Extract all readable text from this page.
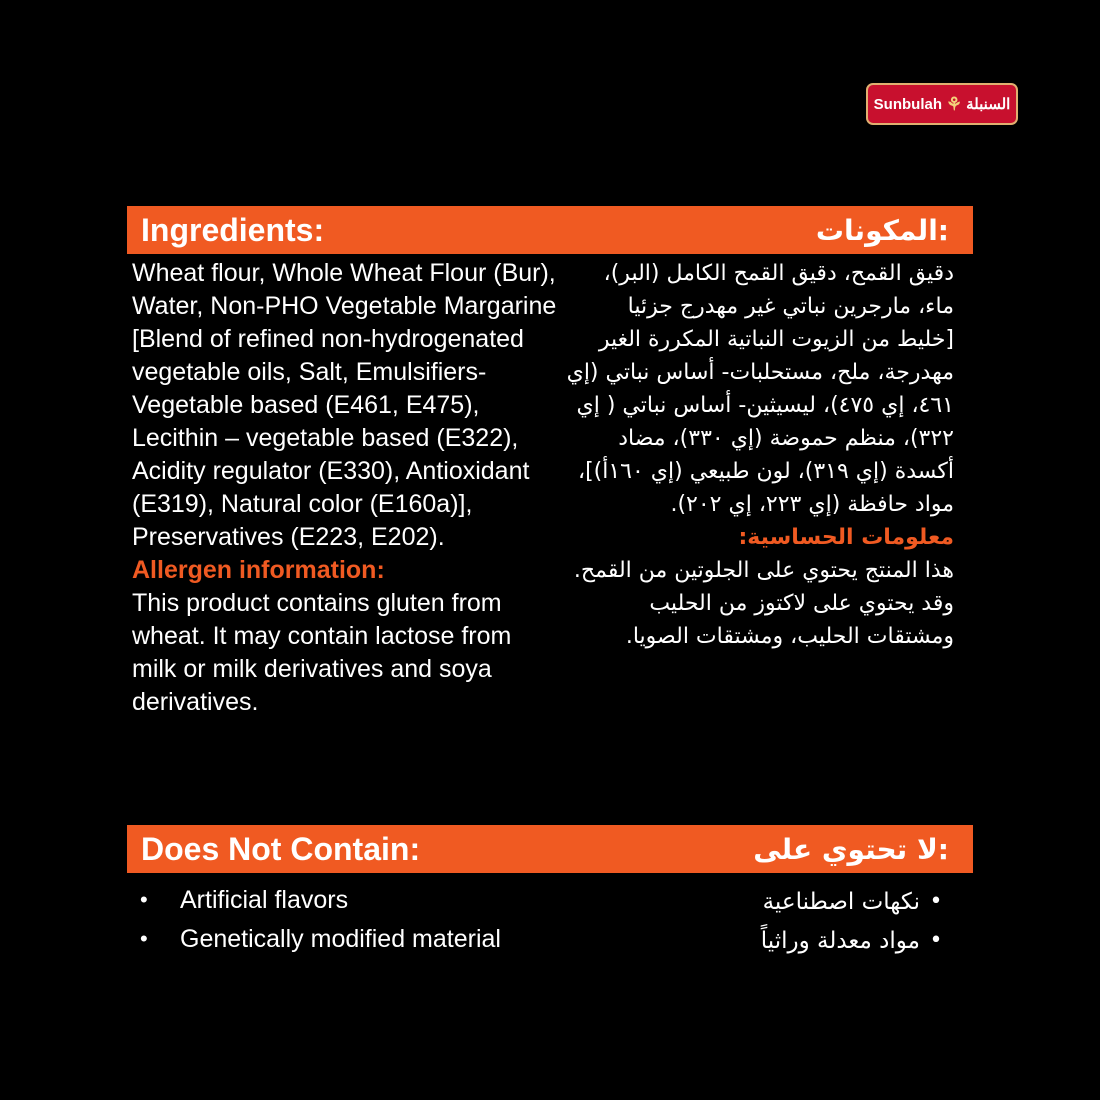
Sunbulah ⚘ السنبلة
Ingredients:	المكونات:

Wheat flour, Whole Wheat Flour (Bur), Water, Non-PHO Vegetable Margarine [Blend of refined non-hydrogenated vegetable oils, Salt, Emulsifiers- Vegetable based (E461, E475), Lecithin – vegetable based (E322), Acidity regulator (E330), Antioxidant (E319), Natural color (E160a)], Preservatives (E223, E202).

Allergen information:

This product contains gluten from wheat. It may contain lactose from milk or milk derivatives and soya derivatives.

دقيق القمح، دقيق القمح الكامل (البر)، ماء، مارجرين نباتي غير مهدرج جزئيا [خليط من الزيوت النباتية المكررة الغير مهدرجة، ملح، مستحلبات- أساس نباتي (إي ٤٦١، إي ٤٧٥)، ليسيثين- أساس نباتي ( إي ٣٢٢)، منظم حموضة (إي ٣٣٠)، مضاد أكسدة (إي ٣١٩)، لون طبيعي (إي ١٦٠أ)]، مواد حافظة (إي ٢٢٣، إي ٢٠٢).

معلومات الحساسية:

هذا المنتج يحتوي على الجلوتين من القمح. وقد يحتوي على لاكتوز من الحليب ومشتقات الحليب، ومشتقات الصويا.

Does Not Contain:	لا تحتوي على:
•	Artificial flavors
•	Genetically modified material
•
نكهات اصطناعية
•
مواد معدلة وراثياً
